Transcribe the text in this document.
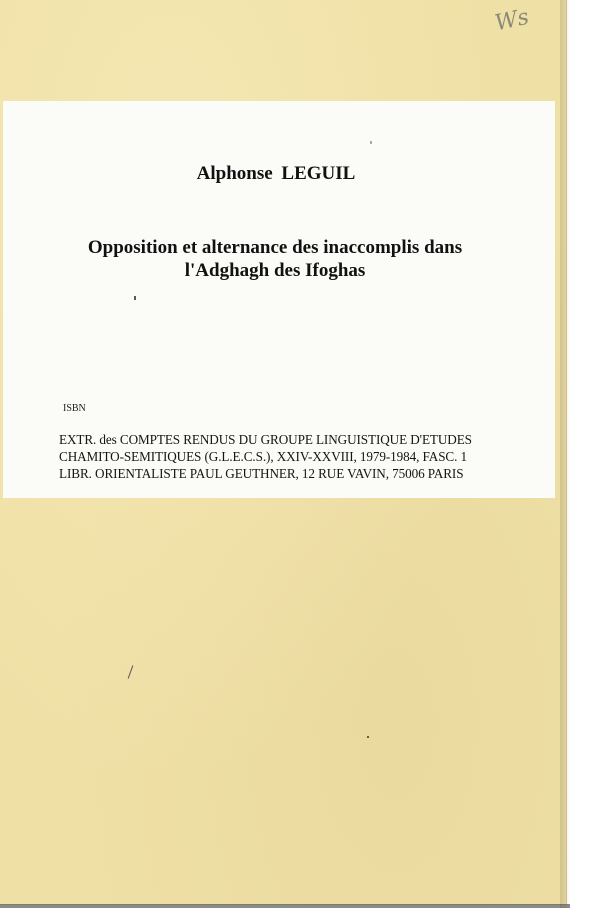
Ws
Alphonse LEGUIL
Opposition et alternance des inaccomplis dans
l'Adghagh des Ifoghas
ISBN
EXTR. des COMPTES RENDUS DU GROUPE LINGUISTIQUE D'ETUDES
CHAMITO-SEMITIQUES (G.L.E.C.S.), XXIV-XXVIII, 1979-1984, FASC. 1
LIBR. ORIENTALISTE PAUL GEUTHNER, 12 RUE VAVIN, 75006 PARIS
